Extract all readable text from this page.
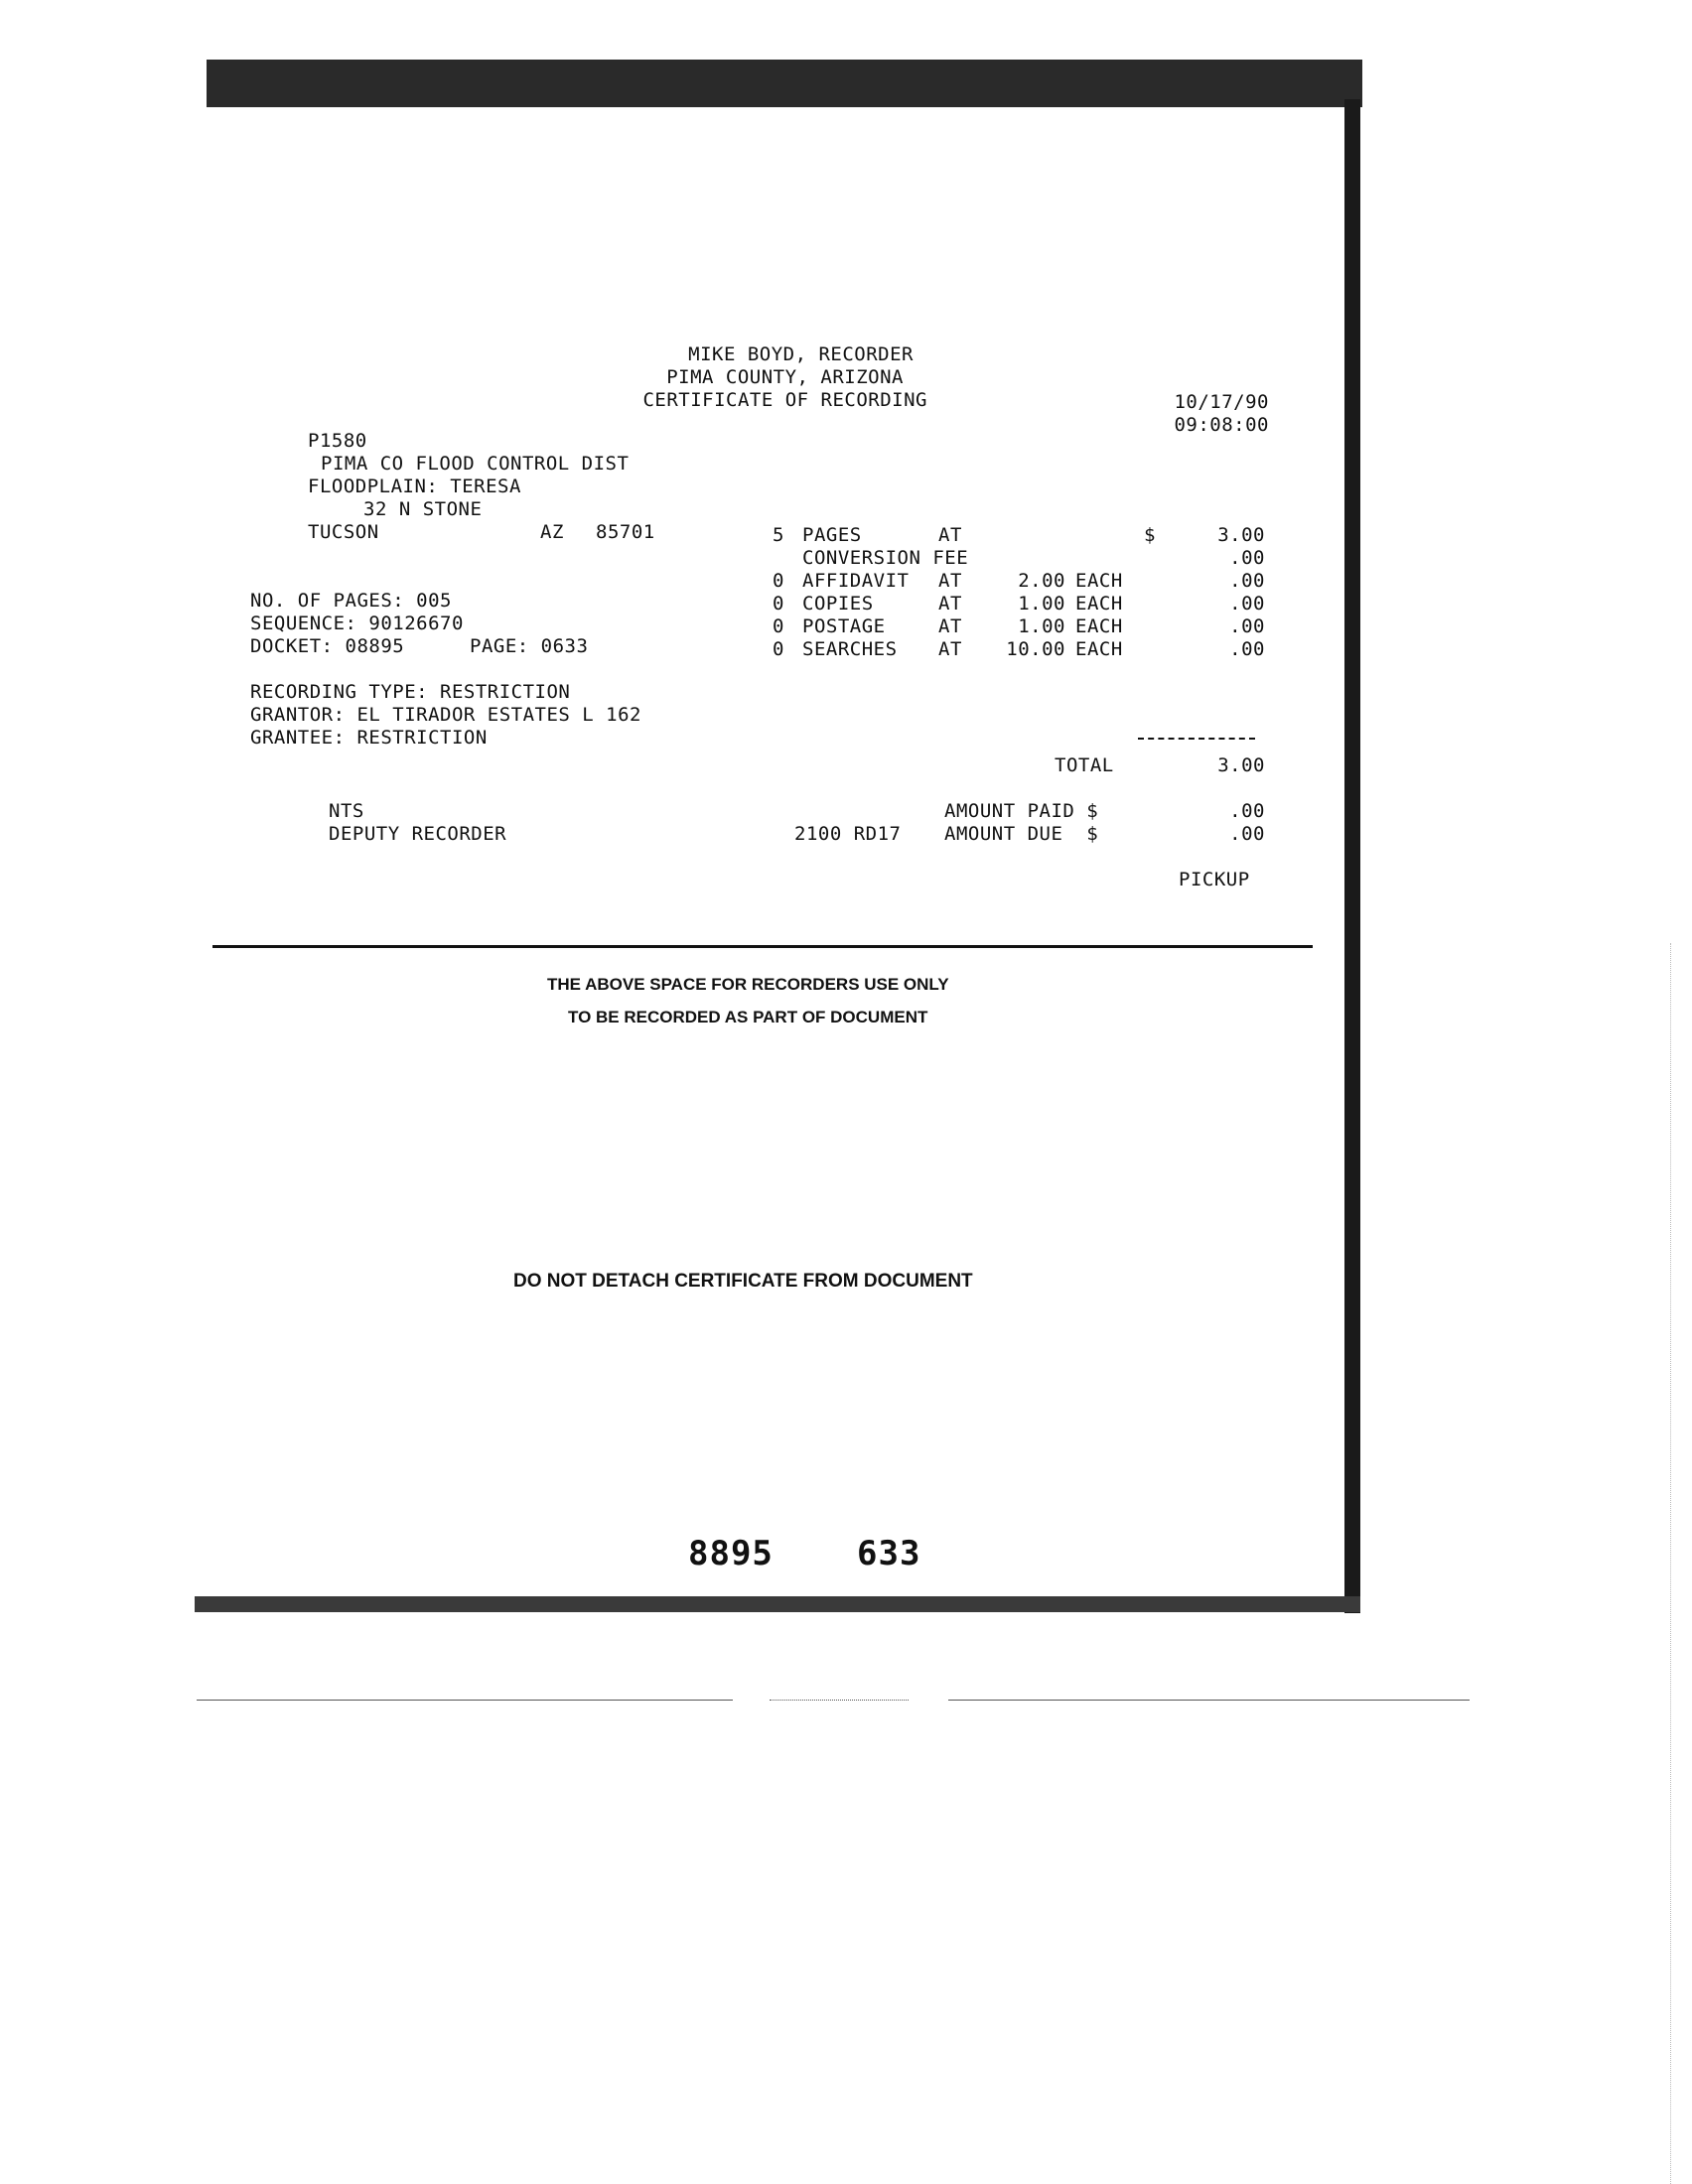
MIKE BOYD, RECORDER
PIMA COUNTY, ARIZONA
CERTIFICATE OF RECORDING	10/17/90
09:08:00
P1580
PIMA CO FLOOD CONTROL DIST
FLOODPLAIN: TERESA
32 N STONE
TUCSON	AZ 85701
NO. OF PAGES: 005
SEQUENCE: 90126670
DOCKET: 08895	PAGE: 0633
RECORDING TYPE: RESTRICTION
GRANTOR: EL TIRADOR ESTATES L 162
GRANTEE: RESTRICTION
5 PAGES	AT	$	3.00
CONVERSION FEE	.00
0 AFFIDAVIT AT	2.00 EACH	.00
0 COPIES	AT	1.00 EACH	.00
0 POSTAGE	AT	1.00 EACH	.00
0 SEARCHES AT	10.00 EACH	.00
TOTAL	3.00
AMOUNT PAID $	.00
2100 RD17 AMOUNT DUE  $	.00
PICKUP
NTS
DEPUTY RECORDER
THE ABOVE SPACE FOR RECORDERS USE ONLY
TO BE RECORDED AS PART OF DOCUMENT
DO NOT DETACH CERTIFICATE FROM DOCUMENT
8895 633
